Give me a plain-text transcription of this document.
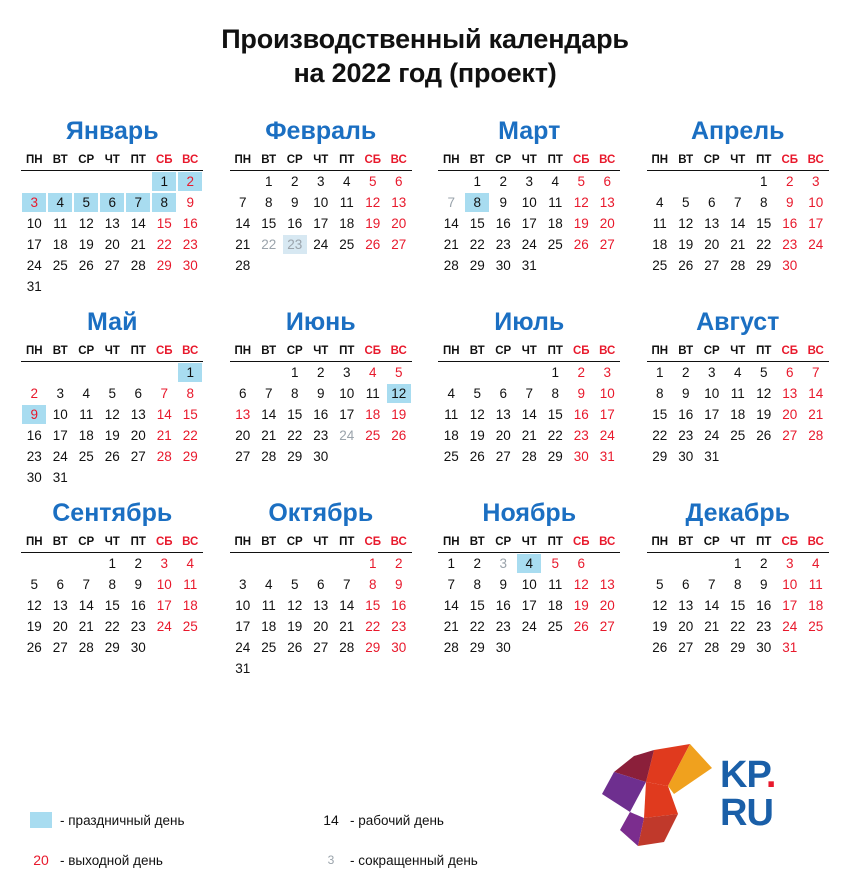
Производственный календарь
на 2022 год (проект)
Январь
ПН	ВТ	СР	ЧТ	ПТ	СБ	ВС

					1	2

3	4	5	6	7	8	9

10	11	12	13	14	15	16

17	18	19	20	21	22	23

24	25	26	27	28	29	30

31						

Февраль
ПН	ВТ	СР	ЧТ	ПТ	СБ	ВС

	1	2	3	4	5	6

7	8	9	10	11	12	13

14	15	16	17	18	19	20

21	22	23	24	25	26	27

28						

Март
ПН	ВТ	СР	ЧТ	ПТ	СБ	ВС

	1	2	3	4	5	6

7	8	9	10	11	12	13

14	15	16	17	18	19	20

21	22	23	24	25	26	27

28	29	30	31			

Апрель
ПН	ВТ	СР	ЧТ	ПТ	СБ	ВС

				1	2	3

4	5	6	7	8	9	10

11	12	13	14	15	16	17

18	19	20	21	22	23	24

25	26	27	28	29	30	

Май
ПН	ВТ	СР	ЧТ	ПТ	СБ	ВС

						1

2	3	4	5	6	7	8

9	10	11	12	13	14	15

16	17	18	19	20	21	22

23	24	25	26	27	28	29

30	31					

Июнь
ПН	ВТ	СР	ЧТ	ПТ	СБ	ВС

		1	2	3	4	5

6	7	8	9	10	11	12

13	14	15	16	17	18	19

20	21	22	23	24	25	26

27	28	29	30			

Июль
ПН	ВТ	СР	ЧТ	ПТ	СБ	ВС

				1	2	3

4	5	6	7	8	9	10

11	12	13	14	15	16	17

18	19	20	21	22	23	24

25	26	27	28	29	30	31
Август
ПН	ВТ	СР	ЧТ	ПТ	СБ	ВС

1	2	3	4	5	6	7

8	9	10	11	12	13	14

15	16	17	18	19	20	21

22	23	24	25	26	27	28

29	30	31				

Сентябрь
ПН	ВТ	СР	ЧТ	ПТ	СБ	ВС

			1	2	3	4

5	6	7	8	9	10	11

12	13	14	15	16	17	18

19	20	21	22	23	24	25

26	27	28	29	30		

Октябрь
ПН	ВТ	СР	ЧТ	ПТ	СБ	ВС

					1	2

3	4	5	6	7	8	9

10	11	12	13	14	15	16

17	18	19	20	21	22	23

24	25	26	27	28	29	30

31						

Ноябрь
ПН	ВТ	СР	ЧТ	ПТ	СБ	ВС

1	2	3	4	5	6	

7	8	9	10	11	12	13

14	15	16	17	18	19	20

21	22	23	24	25	26	27

28	29	30				

Декабрь
ПН	ВТ	СР	ЧТ	ПТ	СБ	ВС

			1	2	3	4

5	6	7	8	9	10	11

12	13	14	15	16	17	18

19	20	21	22	23	24	25

26	27	28	29	30	31	

- праздничный день	14 - рабочий день
20 - выходной день	3	- сокращенный день
KP.
RU
